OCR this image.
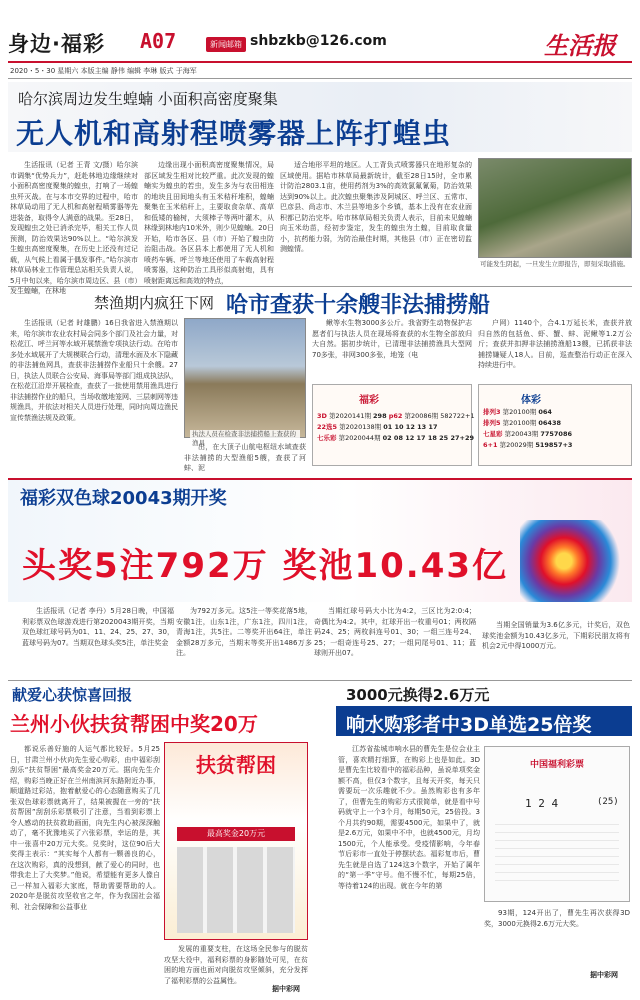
身边·福彩 A07	新闻邮箱 shbzkb@126.com	生活报
2020・5・30 星期六 本版主编 静伟 编辑 李琳 版式 于海军
哈尔滨周边发生蝗蝻 小面积高密度聚集
无人机和高射程喷雾器上阵打蝗虫

生活报讯（记者 王青 文/摄）哈尔滨市调集“优势兵力”，赶赴林地边缘继续对小面积高密度聚集的蝗虫，打响了一场蝗虫歼灭战。在与本市交界的过程中，哈市林草局动用了无人机和高射程喷雾器等先进装备，取得令人满意的战果。至28日，发现蝗虫之处已消杀完毕，相关工作人员预测，防治效果达90%以上。“哈尔滨发生蝗虫高密度聚集，在历史上还没有过记载，从气候上看属于偶发事件。”哈尔滨市林草局林业工作管理总站相关负责人说，5月中旬以来，哈尔滨市周边区、县（市）发生蝗蝻，在林地

边缘出现小面积高密度聚集情况，局部区域发生相对比较严重。此次发现的蝗蝻实为蝗虫的若虫，发生多为与农田相连的地块且田间地头有玉米秸秆堆积，蝗蝻聚集在玉米秸秆上，主要取食杂草、高草和低矮的榆树，大须棒子等两叶灌木，从林缘到林地内10米外，则少见蝗蝻。20日开始，哈市各区、县（市）开始了蝗虫防治阻击战。各区县本上都使用了无人机和喷药车辆、呼兰等地还使用了车载高射程喷雾器，这种防治工具形似高射炮，具有喷射距离远和高效的特点，

适合地形平坦的地区。人工背负式喷雾器只在地形复杂的区域使用。据哈市林草局最新统计，截至28日15时，全市累计防治2803.1亩，使用药剂为3%的高效氯氟氰菊，防治效果达到90%以上。此次蝗虫聚集涉及阿城区、呼兰区、五常市、巴彦县、尚志市、木兰县等地多个乡镇，基本上没有在农业面积都已防治完毕。哈市林草局相关负责人表示，目前未见蝗蝻向玉米幼苗，经初步鉴定，发生的蝗虫为土蝗，目前取食量小，抗药能力弱，为防治最佳时期，其他县（市）正在密切监测蝗情。

可能发生阴起，一旦发生立即报告，即刻采取措施。
禁渔期内疯狂下网 哈市查获十余艘非法捕捞船

生活报讯（记者 时雄鹏）16日我省进入禁渔期以来，哈尔滨市农业农村局会同多个部门及社会力量，对松花江、呼兰河等水域开展禁渔专项执法行动。在哈市多处水域展开了大规模联合行动，清理水面及水下隐藏的非法捕鱼网具，查获非法捕捞作业船只十余艘。27日，执法人员联合公安局、海事局等部门组成执法队，在松花江沿岸开展检查，查获了一批使用禁用渔具进行非法捕捞作业的船只，当场收缴地笼网、三层刺网等违规渔具，并依法对相关人员进行处理，同时向周边渔民宣传禁渔法规及政策。

执法人员在检查非法捕捞船上查获的渔具

出，在大顶子山航电枢纽水域查获非法捕捞的大型渔船5艘，查获了河蚌、泥

鳅等水生物3000多公斤。我省野生动物保护志愿者们与执法人员在现场将查获的水生物全部放归大自然。据初步统计，已清理非法捕捞渔具大型网70多张，非网300多张，地笼（电

户网）1140个，合4.1万延长米，查获并放归自然的包括鱼、虾、蟹、蚌、泥鳅等1.2万公斤；查获并扣押非法捕捞渔船13艘，已抓获非法捕捞嫌疑人18人。目前，巡查整治行动正在深入持续进行中。

福彩
3D 第2020141期 298 p62 第20086期 582722+1
22选5 第2020138期 01 10 12 13 17
七乐彩 第2020044期 02 08 12 17 18 25 27+29
体彩
排列3 第20100期 064
排列5 第20100期 06438
七星彩 第20043期 7757086
6+1 第20029期 519857+3
福彩双色球20043期开奖
头奖5注792万 奖池10.43亿

生活报讯（记者 李丹）5月28日晚，中国福利彩票双色球游戏进行第2020043期开奖，当期双色球红球号码为01、11、24、25、27、30，蓝球号码为07。当期双色球头奖5注，单注奖金

为792万多元。这5注一等奖花落5地，安徽1注，山东1注，广东1注，四川1注，青海1注，共5注。二等奖开出64注，单注金额28万多元，当期末等奖开出1486万多注。

当期红球号码大小比为4:2，三区比为2:0:4；奇偶比为4:2。其中，红球开出一枚重号01；两枚隔码24、25；两枚斜连号01、30；一组三连号24、25；一组奇连号25、27；一组同尾号01、11；蓝球则开出07。

当期全国销量为3.6亿多元，计奖后，双色球奖池金额为10.43亿多元，下期彩民朋友将有机会2元中得1000万元。

献爱心获惊喜回报
兰州小伙扶贫帮困中奖20万

都说乐善好施的人运气都比较好。5月25日，甘肃兰州小伙向先生爱心购彩，由中福彩刮刮乐“扶贫帮困”最高奖金20万元。据向先生介绍，购彩当晚正好在兰州南滨河东路附近办事，顺道路过彩站，抱着献爱心的心态随意购买了几张双色球彩票就离开了，结果被握在一旁的“扶贫帮困”刮刮乐彩票吸引了注意，当看到彩票上令人感动的扶贫救助画面，向先生内心被深深触动了，毫不犹豫地买了六张彩票，幸运的是，其中一张喜中20万元大奖。兑奖时，这位90后大奖得主表示：“其实每个人都有一颗善良的心，在这次购彩，真的没想到，献了爱心的同时，也带我走上了大奖梦。”他说，希望能有更多人像自己一样加入福彩大家庭，帮助需要帮助的人。2020年是脱贫攻坚收官之年，作为我国社会福利、社会保障和公益事业

扶贫帮困
最高奖金20万元

发展的重要支柱，在这场全民参与的脱贫攻坚大役中，福利彩票的身影随处可见，在贫困的地方面也面对向脱贫攻坚倾斜，充分发挥了福利彩票的公益属性。

据中彩网
3000元换得2.6万元
响水购彩者中3D单选25倍奖

江苏省盐城市响水县的曹先生是位会业主管，喜欢精打细算，在购彩上也是如此。3D是曹先生比较看中的福彩品种，虽说单项奖金额不高，但仅3个数字，且每天开奖，每天只需要玩一次乐趣就不少。虽然购彩也有多年了，但曹先生的购彩方式很简单，就是看中号码就守上一个3个月，每期50元，25倍投。3个月共约90期，需要4500元，如果中了，就是2.6万元，如果中不中，也就4500元，月均1500元，个人能承受。受疫情影响，今年春节后彩市一直处于停摆状态。福彩复市后，曹先生就是自选了124这3个数字，开始了属年的“第一季”守号。他不慢不忙，每期25倍，等待着124的出现。就在今年的第

中国福利彩票
1 2 4	(25)

93期，124开出了，曹先生再次获得3D奖，3000元换得2.6万元大奖。

据中彩网
